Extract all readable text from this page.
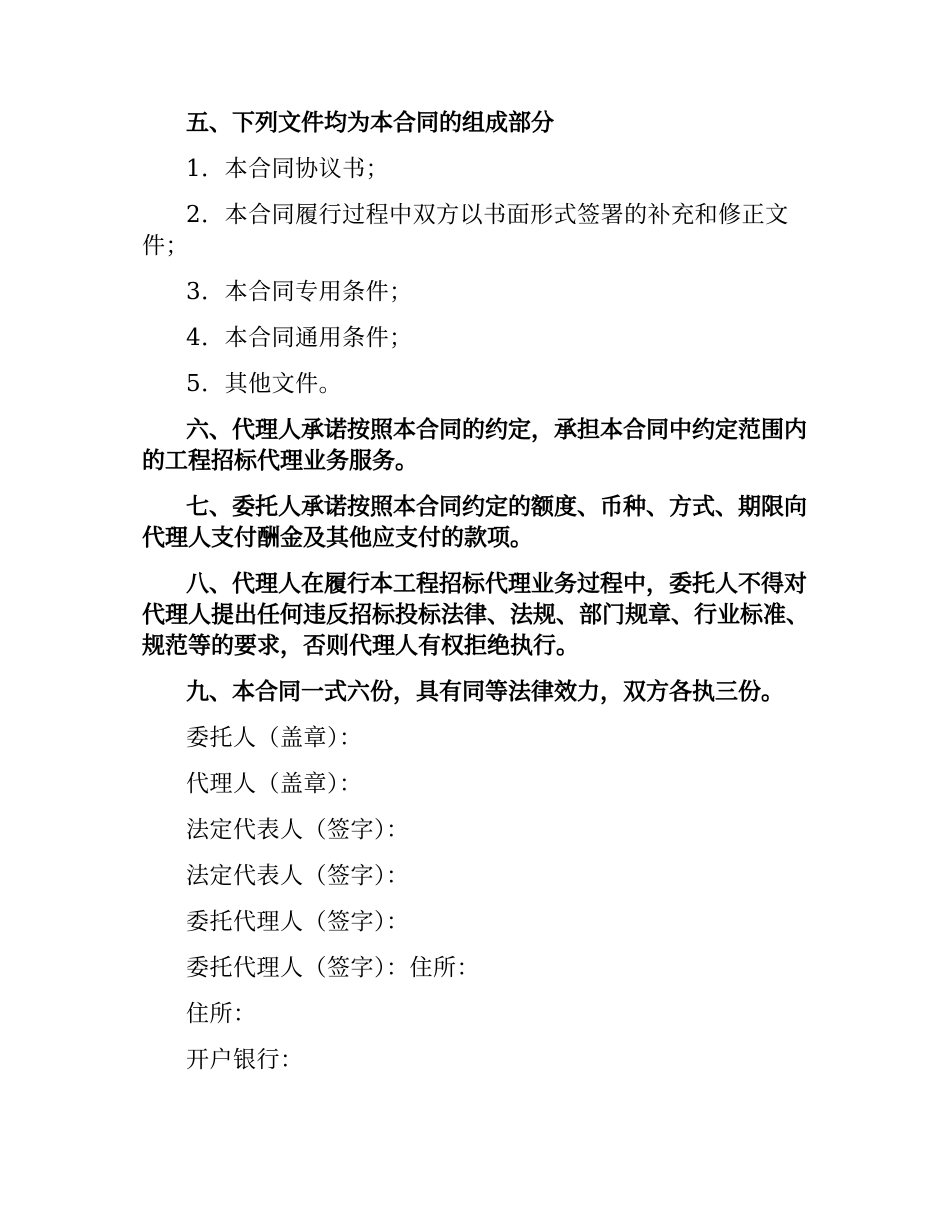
五、下列文件均为本合同的组成部分

1．本合同协议书；

2．本合同履行过程中双方以书面形式签署的补充和修正文件；

3．本合同专用条件；

4．本合同通用条件；

5．其他文件。

六、代理人承诺按照本合同的约定，承担本合同中约定范围内的工程招标代理业务服务。

七、委托人承诺按照本合同约定的额度、币种、方式、期限向代理人支付酬金及其他应支付的款项。

八、代理人在履行本工程招标代理业务过程中，委托人不得对代理人提出任何违反招标投标法律、法规、部门规章、行业标准、规范等的要求，否则代理人有权拒绝执行。

九、本合同一式六份，具有同等法律效力，双方各执三份。

委托人（盖章）：

代理人（盖章）：

法定代表人（签字）：

法定代表人（签字）：

委托代理人（签字）：

委托代理人（签字）：住所：

住所：

开户银行：
